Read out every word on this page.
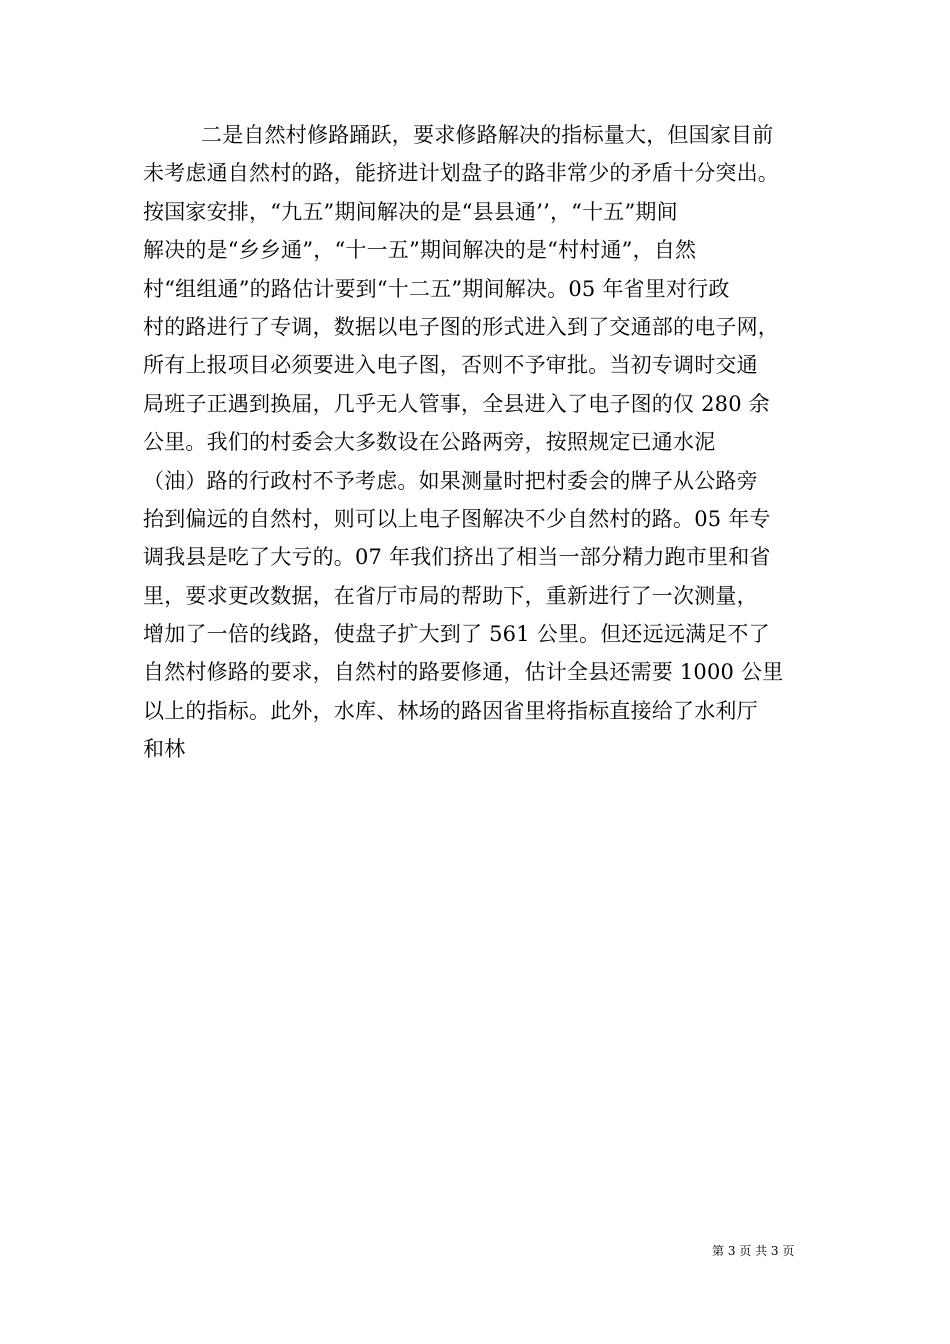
二是自然村修路踊跃，要求修路解决的指标量大，但国家目前
未考虑通自然村的路，能挤进计划盘子的路非常少的矛盾十分突出。
按国家安排，“九五”期间解决的是“县县通’’，“十五”期间
解决的是“乡乡通”，“十一五”期间解决的是“村村通”，自然
村“组组通”的路估计要到“十二五”期间解决。05 年省里对行政
村的路进行了专调，数据以电子图的形式进入到了交通部的电子网，
所有上报项目必须要进入电子图，否则不予审批。当初专调时交通
局班子正遇到换届，几乎无人管事，全县进入了电子图的仅 280 余
公里。我们的村委会大多数设在公路两旁，按照规定已通水泥
（油）路的行政村不予考虑。如果测量时把村委会的牌子从公路旁
抬到偏远的自然村，则可以上电子图解决不少自然村的路。05 年专
调我县是吃了大亏的。07 年我们挤出了相当一部分精力跑市里和省
里，要求更改数据，在省厅市局的帮助下，重新进行了一次测量，
增加了一倍的线路，使盘子扩大到了 561 公里。但还远远满足不了
自然村修路的要求，自然村的路要修通，估计全县还需要 1000 公里
以上的指标。此外，水库、林场的路因省里将指标直接给了水利厅
和林
第 3 页 共 3 页
